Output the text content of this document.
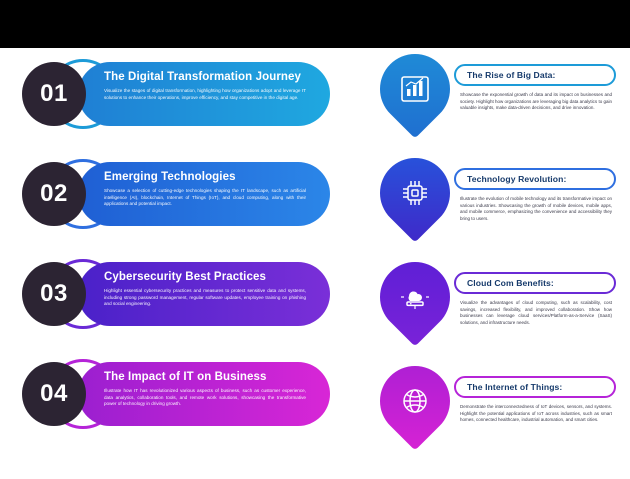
The Digital Transformation Journey

Visualize the stages of digital transformation, highlighting how organizations adopt and leverage IT solutions to enhance their operations, improve efficiency, and stay competitive in the digital age.

01

Emerging Technologies

Showcase a selection of cutting-edge technologies shaping the IT landscape, such as artificial intelligence (AI), blockchain, Internet of Things (IoT), and cloud computing, along with their applications and potential impact.

02

Cybersecurity Best Practices

Highlight essential cybersecurity practices and measures to protect sensitive data and systems, including strong password management, regular software updates, employee training on phishing and social engineering.

03

The Impact of IT on Business

Illustrate how IT has revolutionized various aspects of business, such as customer experience, data analytics, collaboration tools, and remote work solutions, showcasing the transformative power of technology in driving growth.

04
The Rise of Big Data:
Showcase the exponential growth of data and its impact on businesses and society. Highlight how organizations are leveraging big data analytics to gain valuable insights, make data-driven decisions, and drive innovation.
Technology Revolution:
Illustrate the evolution of mobile technology and its transformative impact on various industries. Showcasing the growth of mobile devices, mobile apps, and mobile commerce, emphasizing the convenience and accessibility they bring to users.
Cloud Com Benefits:
Visualize the advantages of cloud computing, such as scalability, cost savings, increased flexibility, and improved collaboration. Show how businesses can leverage cloud services/Platform-as-a-Service (SaaS) solutions, and infrastructure needs.
The Internet of Things:
Demonstrate the interconnectedness of IoT devices, sensors, and systems. Highlight the potential applications of IoT across industries, such as smart homes, connected healthcare, industrial automation, and smart cities.
